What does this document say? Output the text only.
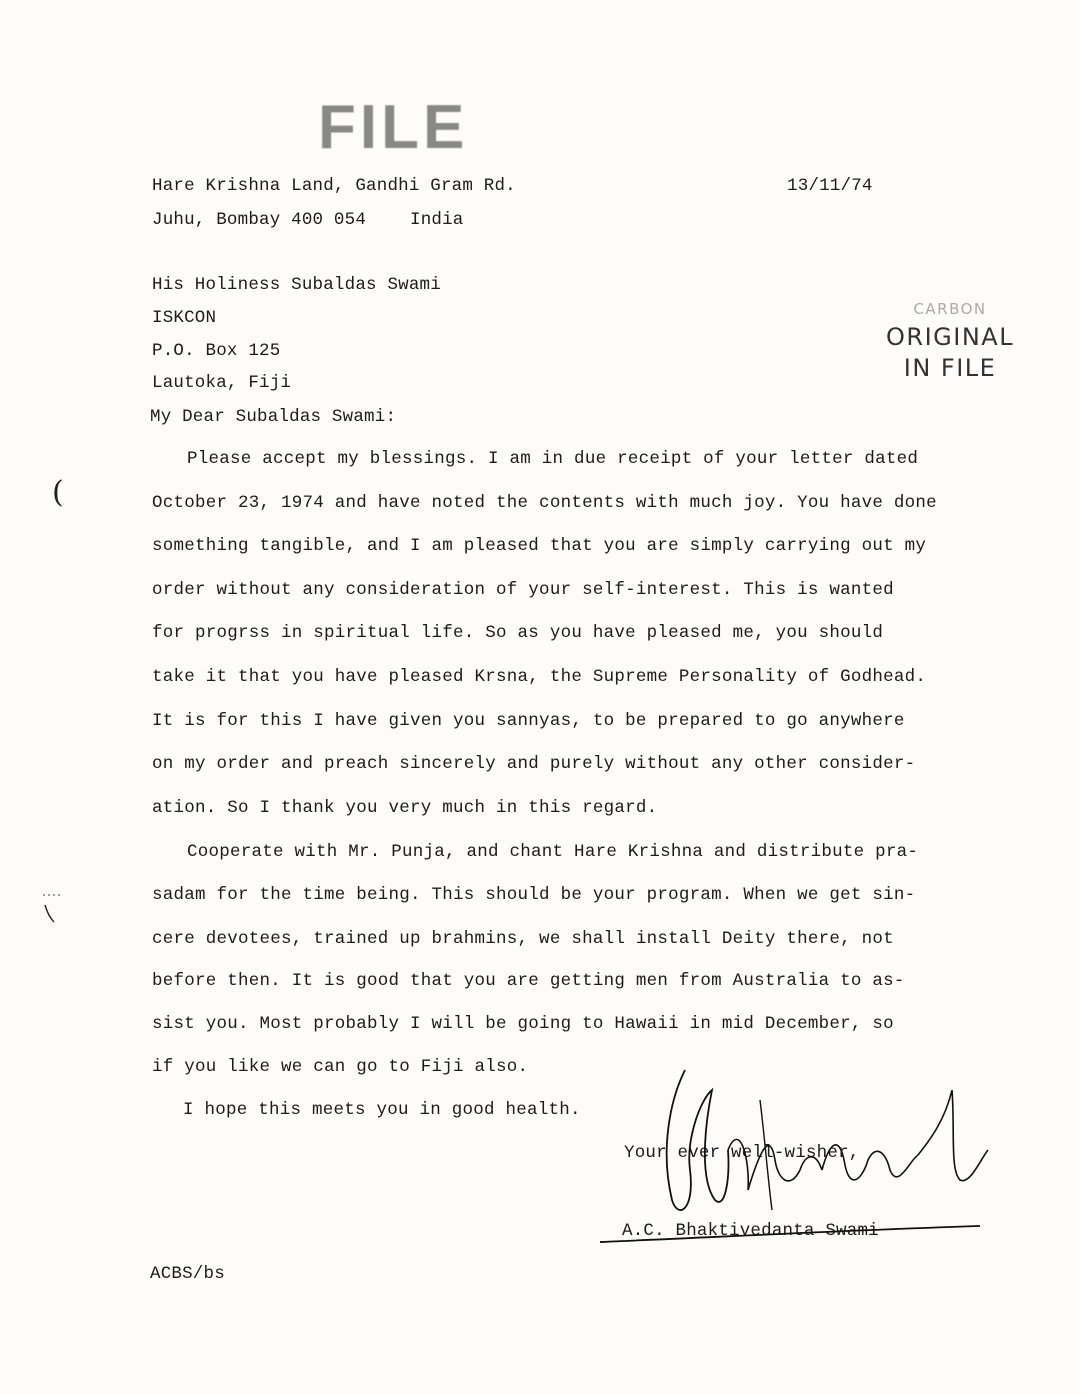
FILE
Hare Krishna Land, Gandhi Gram Rd.
Juhu, Bombay 400 054	India
13/11/74
His Holiness Subaldas Swami
ISKCON
P.O. Box 125
Lautoka, Fiji
CARBON
ORIGINAL
IN FILE
My Dear Subaldas Swami:
Please accept my blessings. I am in due receipt of your letter dated
October 23, 1974 and have noted the contents with much joy. You have done
something tangible, and I am pleased that you are simply carrying out my
order without any consideration of your self-interest. This is wanted
for progrss in spiritual life. So as you have pleased me, you should
take it that you have pleased Krsna, the Supreme Personality of Godhead.
It is for this I have given you sannyas, to be prepared to go anywhere
on my order and preach sincerely and purely without any other consider-
ation. So I thank you very much in this regard.
Cooperate with Mr. Punja, and chant Hare Krishna and distribute pra-
sadam for the time being. This should be your program. When we get sin-
cere devotees, trained up brahmins, we shall install Deity there, not
before then. It is good that you are getting men from Australia to as-
sist you. Most probably I will be going to Hawaii in mid December, so
if you like we can go to Fiji also.
I hope this meets you in good health.
Your ever well-wisher,
A.C. Bhaktivedanta Swami
ACBS/bs
(
